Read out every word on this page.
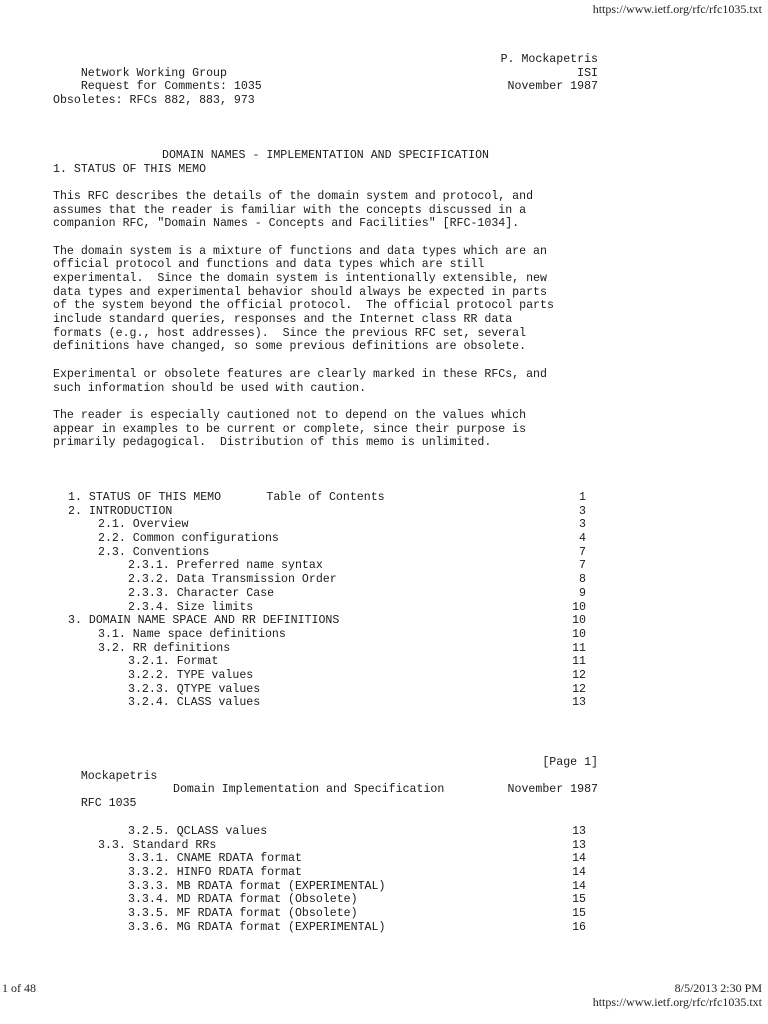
https://www.ietf.org/rfc/rfc1035.txt

Network Working Group

P. Mockapetris

Request for Comments: 1035

ISI

November 1987

Obsoletes: RFCs 882, 883, 973

DOMAIN NAMES - IMPLEMENTATION AND SPECIFICATION

1. STATUS OF THIS MEMO
This RFC describes the details of the domain system and protocol, and
assumes that the reader is familiar with the concepts discussed in a
companion RFC, "Domain Names - Concepts and Facilities" [RFC-1034].
The domain system is a mixture of functions and data types which are an
official protocol and functions and data types which are still
experimental.  Since the domain system is intentionally extensible, new
data types and experimental behavior should always be expected in parts
of the system beyond the official protocol.  The official protocol parts
include standard queries, responses and the Internet class RR data
formats (e.g., host addresses).  Since the previous RFC set, several
definitions have changed, so some previous definitions are obsolete.
Experimental or obsolete features are clearly marked in these RFCs, and
such information should be used with caution.
The reader is especially cautioned not to depend on the values which
appear in examples to be current or complete, since their purpose is
primarily pedagogical.  Distribution of this memo is unlimited.

Table of Contents

1. STATUS OF THIS MEMO	1
2. INTRODUCTION	3
2.1. Overview	3
2.2. Common configurations	4
2.3. Conventions	7
2.3.1. Preferred name syntax	7
2.3.2. Data Transmission Order	8
2.3.3. Character Case	9
2.3.4. Size limits	10
3. DOMAIN NAME SPACE AND RR DEFINITIONS	10
3.1. Name space definitions	10
3.2. RR definitions	11
3.2.1. Format	11
3.2.2. TYPE values	12
3.2.3. QTYPE values	12
3.2.4. CLASS values	13

Mockapetris

[Page 1]

RFC 1035

Domain Implementation and Specification

	November 1987

3.2.5. QCLASS values	13
3.3. Standard RRs	13
3.3.1. CNAME RDATA format	14
3.3.2. HINFO RDATA format	14
3.3.3. MB RDATA format (EXPERIMENTAL)	14
3.3.4. MD RDATA format (Obsolete)	15
3.3.5. MF RDATA format (Obsolete)	15
3.3.6. MG RDATA format (EXPERIMENTAL)	16
1 of 48	8/5/2013 2:30 PM
https://www.ietf.org/rfc/rfc1035.txt
